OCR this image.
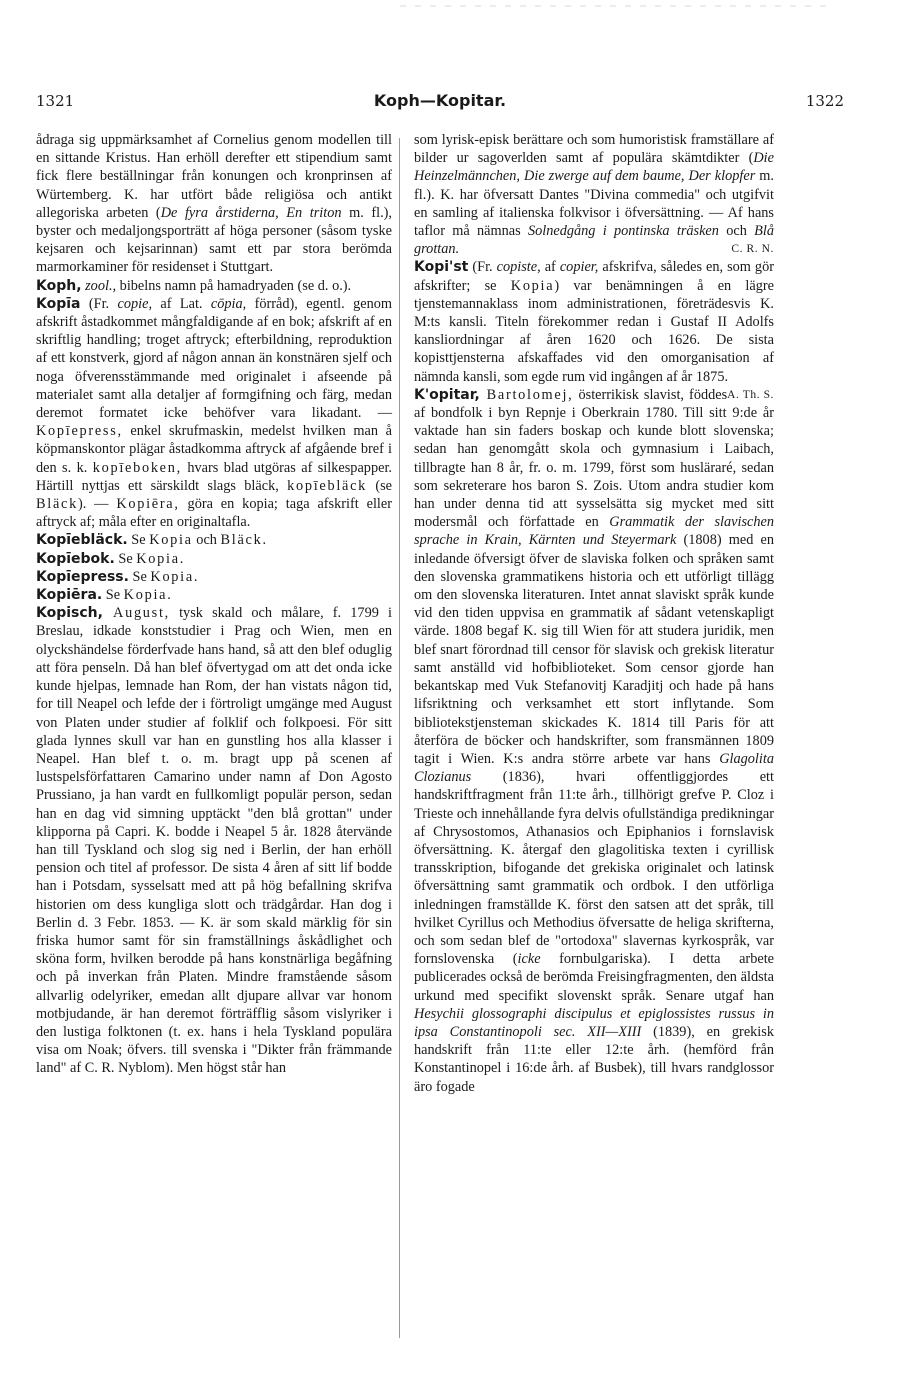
1321	Koph—Kopitar.	1322

ådraga sig uppmärksamhet af Cornelius genom modellen till en sittande Kristus. Han erhöll derefter ett stipendium samt fick flere beställningar från konungen och kronprinsen af Würtemberg. K. har utfört både religiösa och antikt allegoriska arbeten (De fyra årstiderna, En triton m. fl.), byster och medaljongsporträtt af höga personer (såsom tyske kejsaren och kejsarinnan) samt ett par stora berömda marmorkaminer för residenset i Stuttgart.

Koph, zool., bibelns namn på hamadryaden (se d. o.).

Kopīa (Fr. copie, af Lat. cōpia, förråd), egentl. genom afskrift åstadkommet mångfaldigande af en bok; afskrift af en skriftlig handling; troget aftryck; efterbildning, reproduktion af ett konstverk, gjord af någon annan än konstnären sjelf och noga öfverensstämmande med originalet i afseende på materialet samt alla detaljer af formgifning och färg, medan deremot formatet icke behöfver vara likadant. — Kopīepress, enkel skrufmaskin, medelst hvilken man å köpmanskontor plägar åstadkomma aftryck af afgående bref i den s. k. kopīeboken, hvars blad utgöras af silkespapper. Härtill nyttjas ett särskildt slags bläck, kopīebläck (se Bläck). — Kopiēra, göra en kopia; taga afskrift eller aftryck af; måla efter en originaltafla.

Kopīebläck. Se Kopia och Bläck.

Kopīebok. Se Kopia.

Kopīepress. Se Kopia.

Kopiēra. Se Kopia.

Kopisch, August, tysk skald och målare, f. 1799 i Breslau, idkade konststudier i Prag och Wien, men en olyckshändelse förderfvade hans hand, så att den blef oduglig att föra penseln. Då han blef öfvertygad om att det onda icke kunde hjelpas, lemnade han Rom, der han vistats någon tid, for till Neapel och lefde der i förtroligt umgänge med August von Platen under studier af folklif och folkpoesi. För sitt glada lynnes skull var han en gunstling hos alla klasser i Neapel. Han blef t. o. m. bragt upp på scenen af lustspelsförfattaren Camarino under namn af Don Agosto Prussiano, ja han vardt en fullkomligt populär person, sedan han en dag vid simning upptäckt "den blå grottan" under klipporna på Capri. K. bodde i Neapel 5 år. 1828 återvände han till Tyskland och slog sig ned i Berlin, der han erhöll pension och titel af professor. De sista 4 åren af sitt lif bodde han i Potsdam, sysselsatt med att på hög befallning skrifva historien om dess kungliga slott och trädgårdar. Han dog i Berlin d. 3 Febr. 1853. — K. är som skald märklig för sin friska humor samt för sin framställnings åskådlighet och sköna form, hvilken berodde på hans konstnärliga begåfning och på inverkan från Platen. Mindre framstående såsom allvarlig odelyriker, emedan allt djupare allvar var honom motbjudande, är han deremot förträfflig såsom vislyriker i den lustiga folktonen (t. ex. hans i hela Tyskland populära visa om Noak; öfvers. till svenska i "Dikter från främmande land" af C. R. Nyblom). Men högst står han

som lyrisk-episk berättare och som humoristisk framställare af bilder ur sagoverlden samt af populära skämtdikter (Die Heinzelmännchen, Die zwerge auf dem baume, Der klopfer m. fl.). K. har öfversatt Dantes "Divina commedia" och utgifvit en samling af italienska folkvisor i öfversättning. — Af hans taflor må nämnas Solnedgång i pontinska träsken och Blå grottan.	C. R. N.

Kopi'st (Fr. copiste, af copier, afskrifva, således en, som gör afskrifter; se Kopia) var benämningen å en lägre tjenstemannaklass inom administrationen, företrädesvis K. M:ts kansli. Titeln förekommer redan i Gustaf II Adolfs kansliordningar af åren 1620 och 1626. De sista kopisttjensterna afskaffades vid den omorganisation af nämnda kansli, som egde rum vid ingången af år 1875.
A. Th. S.

K'opitar, Bartolomej, österrikisk slavist, föddes af bondfolk i byn Repnje i Oberkrain 1780. Till sitt 9:de år vaktade han sin faders boskap och kunde blott slovenska; sedan han genomgått skola och gymnasium i Laibach, tillbragte han 8 år, fr. o. m. 1799, först som husläraré, sedan som sekreterare hos baron S. Zois. Utom andra studier kom han under denna tid att sysselsätta sig mycket med sitt modersmål och författade en Grammatik der slavischen sprache in Krain, Kärnten und Steyermark (1808) med en inledande öfversigt öfver de slaviska folken och språken samt den slovenska grammatikens historia och ett utförligt tillägg om den slovenska literaturen. Intet annat slaviskt språk kunde vid den tiden uppvisa en grammatik af sådant vetenskapligt värde. 1808 begaf K. sig till Wien för att studera juridik, men blef snart förordnad till censor för slavisk och grekisk literatur samt anställd vid hofbiblioteket. Som censor gjorde han bekantskap med Vuk Stefanovitj Karadjitj och hade på hans lifsriktning och verksamhet ett stort inflytande. Som bibliotekstjensteman skickades K. 1814 till Paris för att återföra de böcker och handskrifter, som fransmännen 1809 tagit i Wien. K:s andra större arbete var hans Glagolita Clozianus (1836), hvari offentliggjordes ett handskriftfragment från 11:te årh., tillhörigt grefve P. Cloz i Trieste och innehållande fyra delvis ofullständiga predikningar af Chrysostomos, Athanasios och Epiphanios i fornslavisk öfversättning. K. återgaf den glagolitiska texten i cyrillisk transskription, bifogande det grekiska originalet och latinsk öfversättning samt grammatik och ordbok. I den utförliga inledningen framställde K. först den satsen att det språk, till hvilket Cyrillus och Methodius öfversatte de heliga skrifterna, och som sedan blef de "ortodoxa" slavernas kyrkospråk, var fornslovenska (icke fornbulgariska). I detta arbete publicerades också de berömda Freisingfragmenten, den äldsta urkund med specifikt slovenskt språk. Senare utgaf han Hesychii glossographi discipulus et epiglossistes russus in ipsa Constantinopoli sec. XII—XIII (1839), en grekisk handskrift från 11:te eller 12:te årh. (hemförd från Konstantinopel i 16:de årh. af Busbek), till hvars randglossor äro fogade
